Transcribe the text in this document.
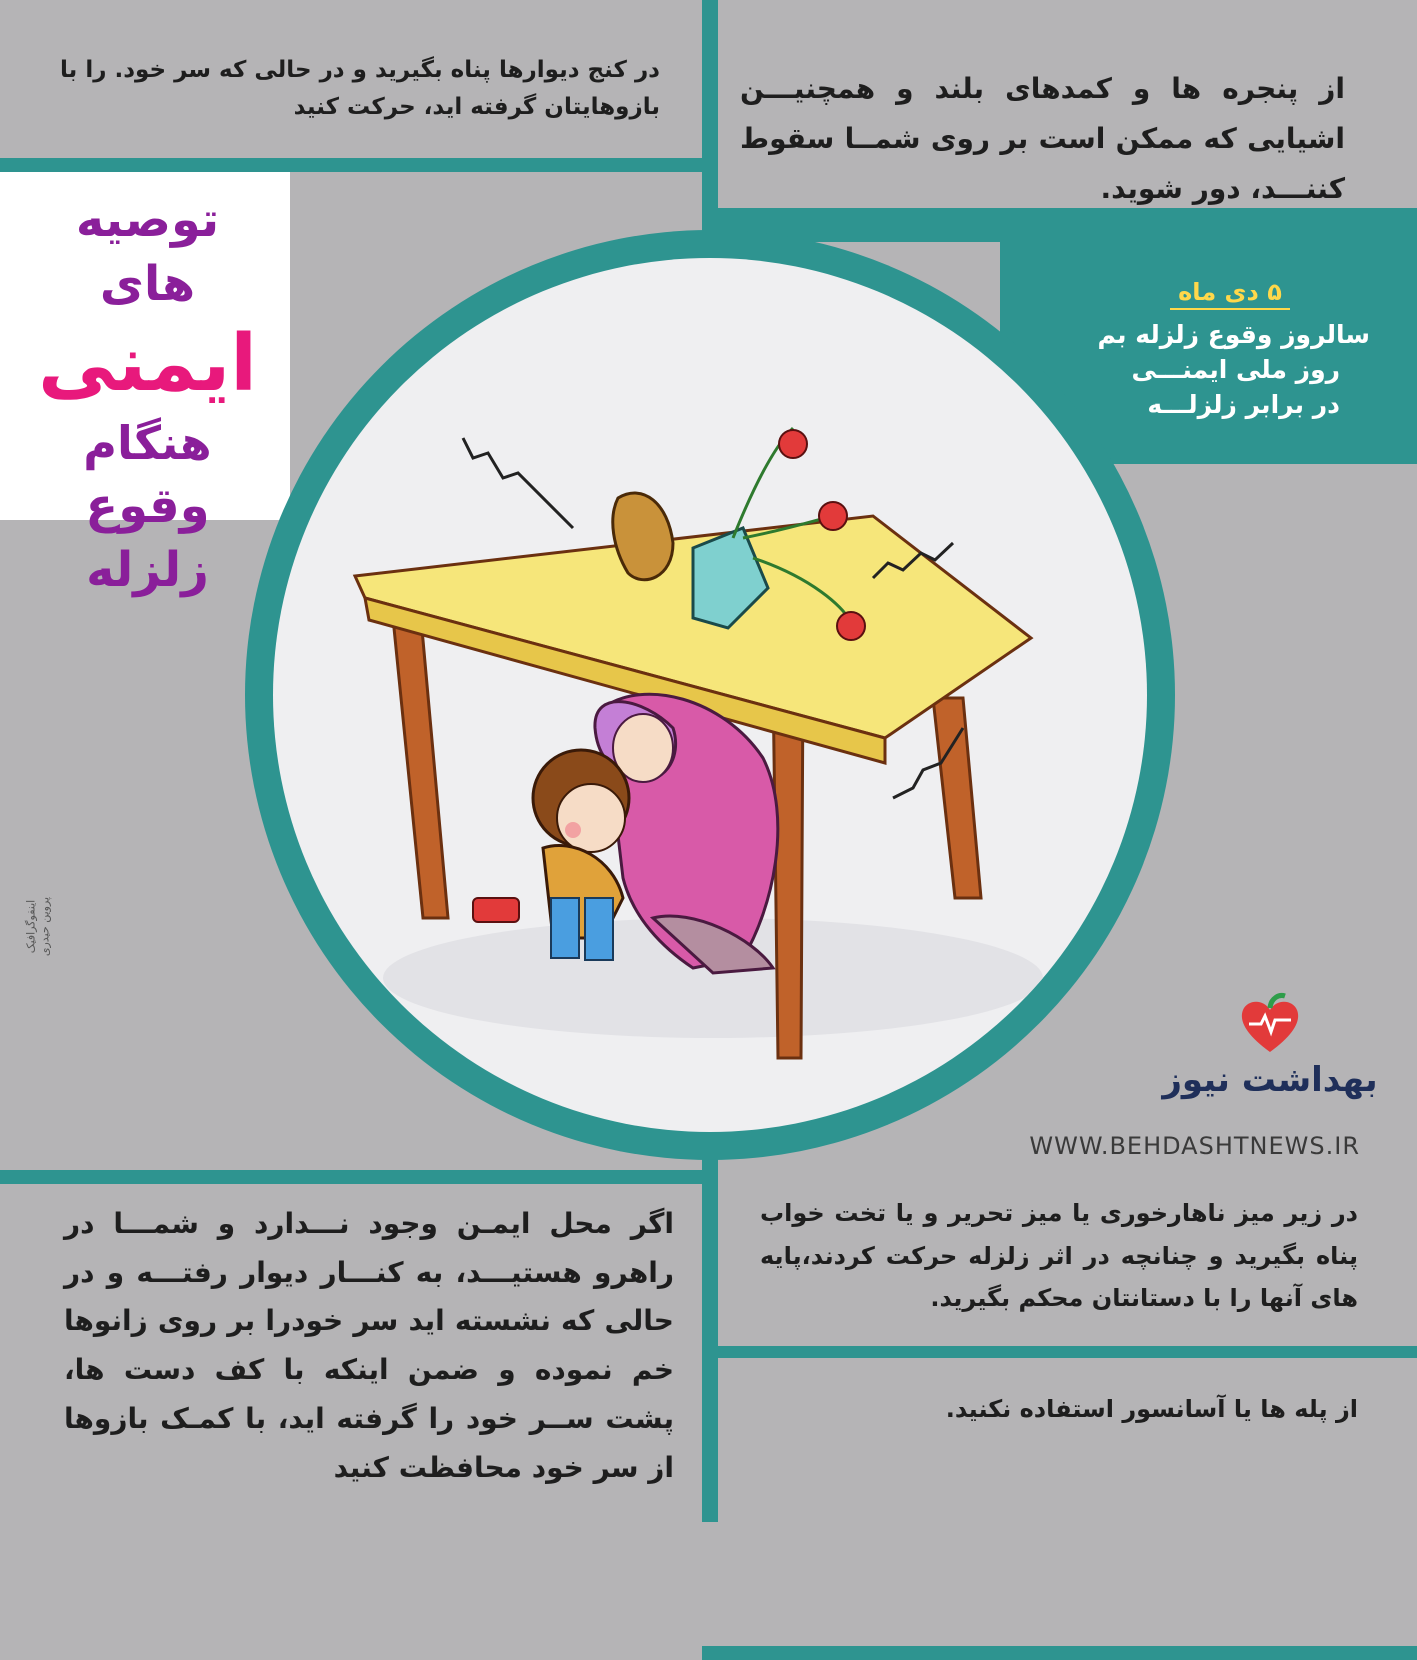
در کنج دیوارها پناه بگیرید و در حالی که سر خود. را با بازوهایتان گرفته اید، حرکت کنید
از پنجره ها و کمدهای بلند و همچنیـــن اشیایی که ممکن است بر روی شمــا سقوط کننـــد، دور شوید.
توصیه های
ایمنی
هنگام
وقوع زلزله
۵ دی ماه
سالروز وقوع زلزله بم
روز ملی ایمنـــی
در برابر زلزلـــه
بهداشت نیوز
WWW.BEHDASHTNEWS.IR
اینفوگرافیک پروین حیدری
اگر محل ایمـن وجود نـــدارد و شمـــا در راهرو هستیـــد، به کنـــار دیوار رفتـــه و در حالی که نشسته اید سر خودرا بر روی زانوها خم نموده و ضمن اینکه با کف دست ها، پشت ســر خود را گرفته اید، با کمـک بازوها از سر خود محافظت کنید
در زیر میز ناهارخوری یا میز تحریر و یا تخت خواب پناه بگیرید و چنانچه در اثر زلزله حرکت کردند،پایه های آنها را با دستانتان محکم بگیرید.
از پله ها یا آسانسور استفاده نکنید.
